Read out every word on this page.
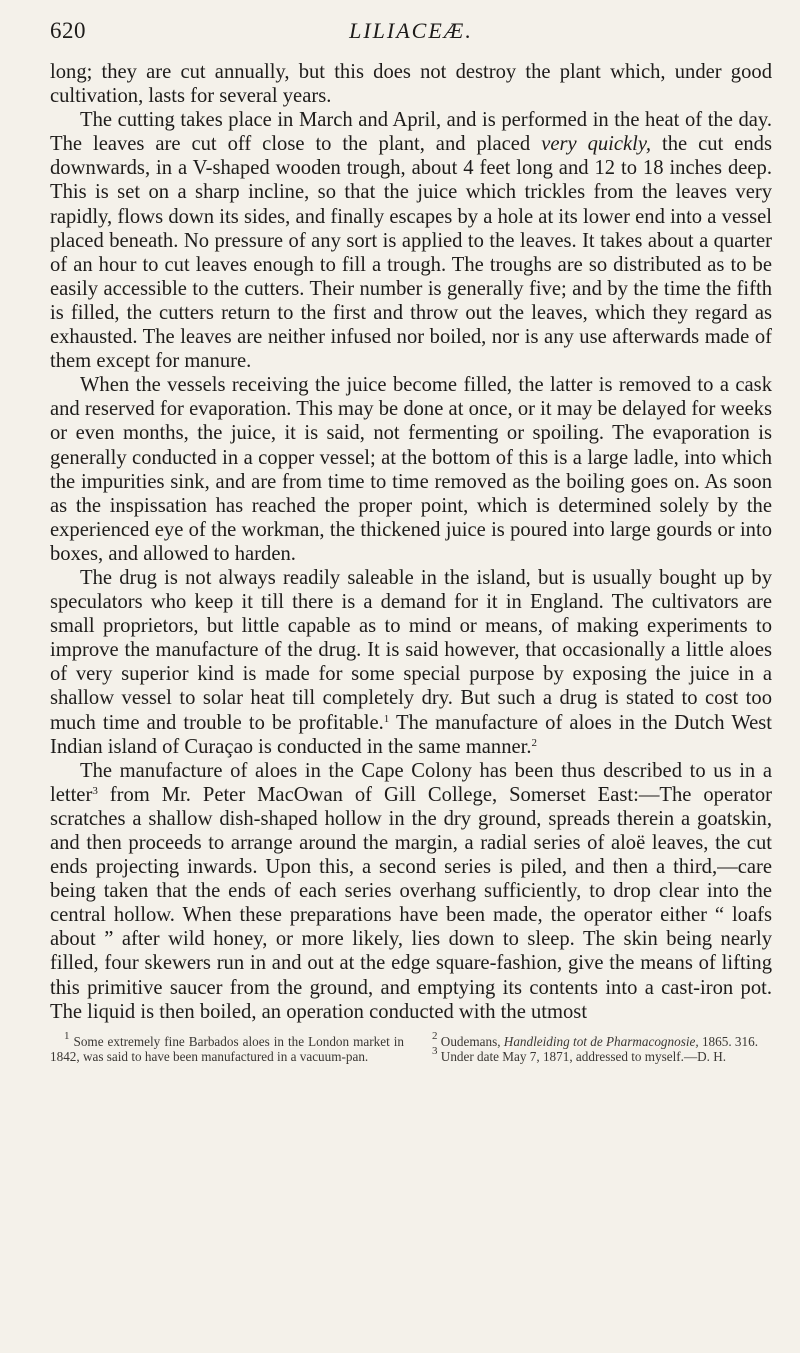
620	LILIACEÆ.

long; they are cut annually, but this does not destroy the plant which, under good cultivation, lasts for several years.

The cutting takes place in March and April, and is performed in the heat of the day. The leaves are cut off close to the plant, and placed very quickly, the cut ends downwards, in a V-shaped wooden trough, about 4 feet long and 12 to 18 inches deep. This is set on a sharp incline, so that the juice which trickles from the leaves very rapidly, flows down its sides, and finally escapes by a hole at its lower end into a vessel placed beneath. No pressure of any sort is applied to the leaves. It takes about a quarter of an hour to cut leaves enough to fill a trough. The troughs are so distributed as to be easily accessible to the cutters. Their number is generally five; and by the time the fifth is filled, the cutters return to the first and throw out the leaves, which they regard as exhausted. The leaves are neither infused nor boiled, nor is any use afterwards made of them except for manure.

When the vessels receiving the juice become filled, the latter is removed to a cask and reserved for evaporation. This may be done at once, or it may be delayed for weeks or even months, the juice, it is said, not fermenting or spoiling. The evaporation is generally conducted in a copper vessel; at the bottom of this is a large ladle, into which the impurities sink, and are from time to time removed as the boiling goes on. As soon as the inspissation has reached the proper point, which is determined solely by the experienced eye of the workman, the thickened juice is poured into large gourds or into boxes, and allowed to harden.

The drug is not always readily saleable in the island, but is usually bought up by speculators who keep it till there is a demand for it in England. The cultivators are small proprietors, but little capable as to mind or means, of making experiments to improve the manufacture of the drug. It is said however, that occasionally a little aloes of very superior kind is made for some special purpose by exposing the juice in a shallow vessel to solar heat till completely dry. But such a drug is stated to cost too much time and trouble to be profitable.$^1$ The manufacture of aloes in the Dutch West Indian island of Curaçao is conducted in the same manner.$^2$

The manufacture of aloes in the Cape Colony has been thus described to us in a letter$^3$ from Mr. Peter MacOwan of Gill College, Somerset East:—The operator scratches a shallow dish-shaped hollow in the dry ground, spreads therein a goatskin, and then proceeds to arrange around the margin, a radial series of aloë leaves, the cut ends projecting inwards. Upon this, a second series is piled, and then a third,—care being taken that the ends of each series overhang sufficiently, to drop clear into the central hollow. When these preparations have been made, the operator either “ loafs about ” after wild honey, or more likely, lies down to sleep. The skin being nearly filled, four skewers run in and out at the edge square-fashion, give the means of lifting this primitive saucer from the ground, and emptying its contents into a cast-iron pot. The liquid is then boiled, an operation conducted with the utmost

$^1$ Some extremely fine Barbados aloes in the London market in 1842, was said to have been manufactured in a vacuum-pan.

$^2$ Oudemans, Handleiding tot de Pharmacognosie, 1865. 316.

$^3$ Under date May 7, 1871, addressed to myself.—D. H.
